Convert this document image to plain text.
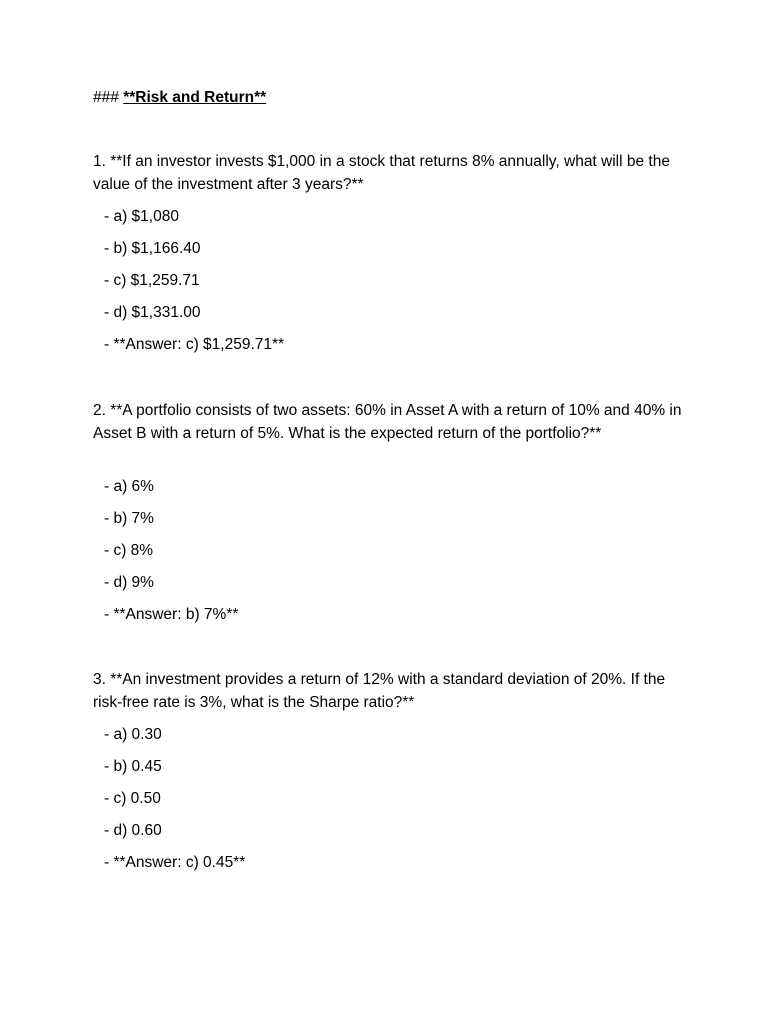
### **Risk and Return**
1. **If an investor invests $1,000 in a stock that returns 8% annually, what will be the value of the investment after 3 years?**
- a) $1,080
- b) $1,166.40
- c) $1,259.71
- d) $1,331.00
- **Answer: c) $1,259.71**
2. **A portfolio consists of two assets: 60% in Asset A with a return of 10% and 40% in Asset B with a return of 5%. What is the expected return of the portfolio?**
- a) 6%
- b) 7%
- c) 8%
- d) 9%
- **Answer: b) 7%**
3. **An investment provides a return of 12% with a standard deviation of 20%. If the risk-free rate is 3%, what is the Sharpe ratio?**
- a) 0.30
- b) 0.45
- c) 0.50
- d) 0.60
- **Answer: c) 0.45**
